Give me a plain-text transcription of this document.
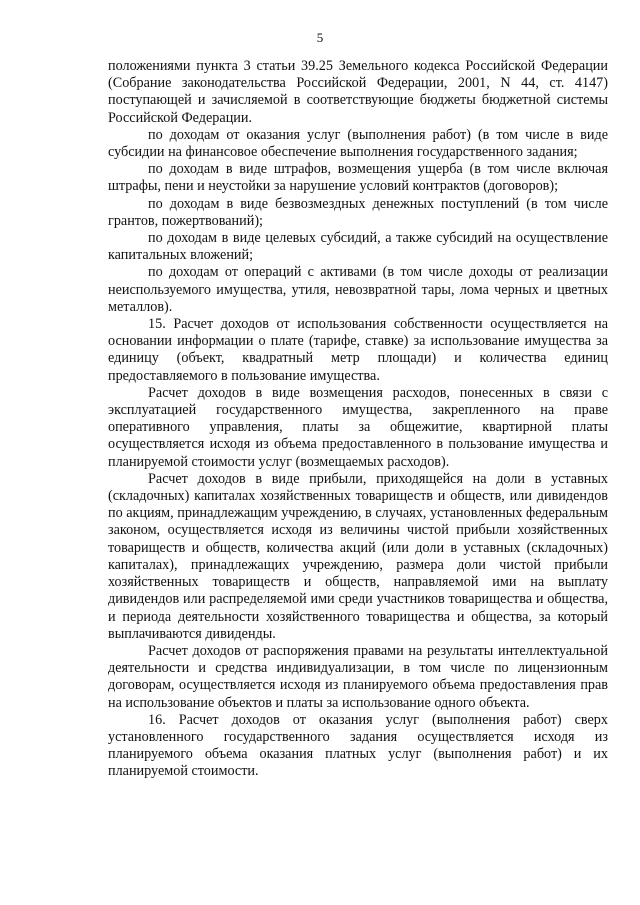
5

положениями пункта 3 статьи 39.25 Земельного кодекса Российской Федерации (Собрание законодательства Российской Федерации, 2001, N 44, ст. 4147) поступающей и зачисляемой в соответствующие бюджеты бюджетной системы Российской Федерации.

по доходам от оказания услуг (выполнения работ) (в том числе в виде субсидии на финансовое обеспечение выполнения государственного задания;

по доходам в виде штрафов, возмещения ущерба (в том числе включая штрафы, пени и неустойки за нарушение условий контрактов (договоров);

по доходам в виде безвозмездных денежных поступлений (в том числе грантов, пожертвований);

по доходам в виде целевых субсидий, а также субсидий на осуществление капитальных вложений;

по доходам от операций с активами (в том числе доходы от реализации неиспользуемого имущества, утиля, невозвратной тары, лома черных и цветных металлов).

15. Расчет доходов от использования собственности осуществляется на основании информации о плате (тарифе, ставке) за использование имущества за единицу (объект, квадратный метр площади) и количества единиц предоставляемого в пользование имущества.

Расчет доходов в виде возмещения расходов, понесенных в связи с эксплуатацией государственного имущества, закрепленного на праве оперативного управления, платы за общежитие, квартирной платы осуществляется исходя из объема предоставленного в пользование имущества и планируемой стоимости услуг (возмещаемых расходов).

Расчет доходов в виде прибыли, приходящейся на доли в уставных (складочных) капиталах хозяйственных товариществ и обществ, или дивидендов по акциям, принадлежащим учреждению, в случаях, установленных федеральным законом, осуществляется исходя из величины чистой прибыли хозяйственных товариществ и обществ, количества акций (или доли в уставных (складочных) капиталах), принадлежащих учреждению, размера доли чистой прибыли хозяйственных товариществ и обществ, направляемой ими на выплату дивидендов или распределяемой ими среди участников товарищества и общества, и периода деятельности хозяйственного товарищества и общества, за который выплачиваются дивиденды.

Расчет доходов от распоряжения правами на результаты интеллектуальной деятельности и средства индивидуализации, в том числе по лицензионным договорам, осуществляется исходя из планируемого объема предоставления прав на использование объектов и платы за использование одного объекта.

16. Расчет доходов от оказания услуг (выполнения работ) сверх установленного государственного задания осуществляется исходя из планируемого объема оказания платных услуг (выполнения работ) и их планируемой стоимости.
